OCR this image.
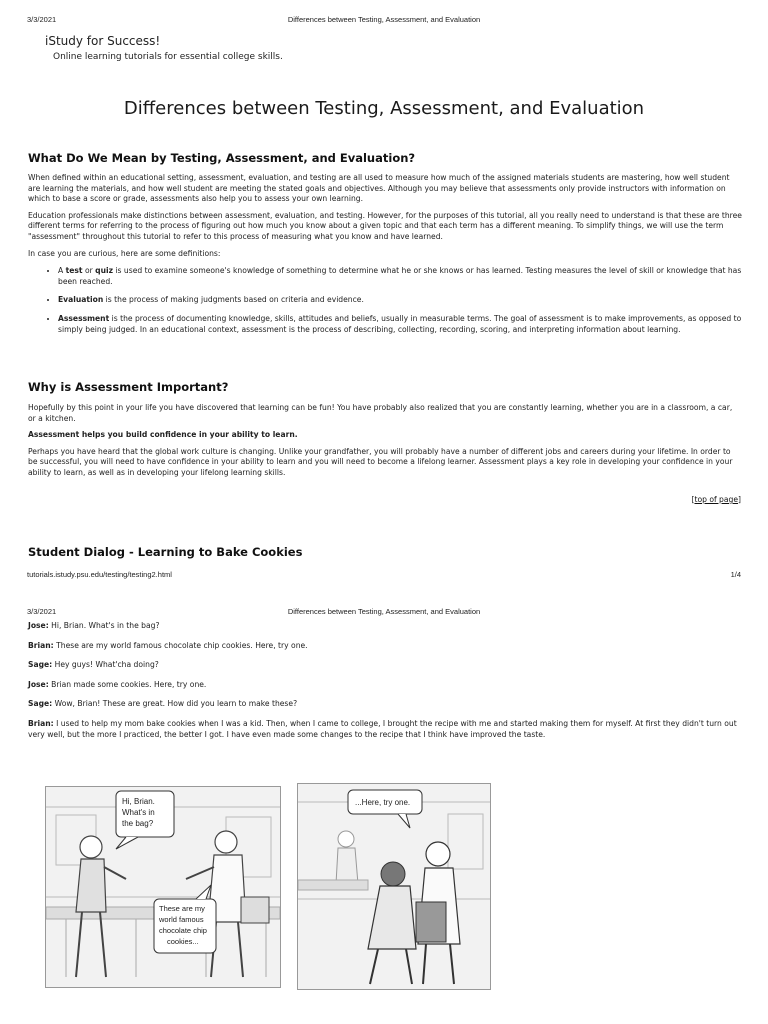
3/3/2021	Differences between Testing, Assessment, and Evaluation
iStudy for Success!
Online learning tutorials for essential college skills.
Differences between Testing, Assessment, and Evaluation
What Do We Mean by Testing, Assessment, and Evaluation?

When defined within an educational setting, assessment, evaluation, and testing are all used to measure how much of the assigned materials students are mastering, how well student are learning the materials, and how well student are meeting the stated goals and objectives. Although you may believe that assessments only provide instructors with information on which to base a score or grade, assessments also help you to assess your own learning.

Education professionals make distinctions between assessment, evaluation, and testing. However, for the purposes of this tutorial, all you really need to understand is that these are three different terms for referring to the process of figuring out how much you know about a given topic and that each term has a different meaning. To simplify things, we will use the term "assessment" throughout this tutorial to refer to this process of measuring what you know and have learned.

In case you are curious, here are some definitions:

• A test or quiz is used to examine someone's knowledge of something to determine what he or she knows or has learned. Testing measures the level of skill or knowledge that has been reached.
• Evaluation is the process of making judgments based on criteria and evidence.
• Assessment is the process of documenting knowledge, skills, attitudes and beliefs, usually in measurable terms. The goal of assessment is to make improvements, as opposed to simply being judged. In an educational context, assessment is the process of describing, collecting, recording, scoring, and interpreting information about learning.
Why is Assessment Important?

Hopefully by this point in your life you have discovered that learning can be fun! You have probably also realized that you are constantly learning, whether you are in a classroom, a car, or a kitchen.

Assessment helps you build confidence in your ability to learn.

Perhaps you have heard that the global work culture is changing. Unlike your grandfather, you will probably have a number of different jobs and careers during your lifetime. In order to be successful, you will need to have confidence in your ability to learn and you will need to become a lifelong learner. Assessment plays a key role in developing your confidence in your ability to learn, as well as in developing your lifelong learning skills.

[top of page]
Student Dialog - Learning to Bake Cookies
tutorials.istudy.psu.edu/testing/testing2.html	1/4
3/3/2021	Differences between Testing, Assessment, and Evaluation

Jose: Hi, Brian. What's in the bag?

Brian: These are my world famous chocolate chip cookies. Here, try one.

Sage: Hey guys! What'cha doing?

Jose: Brian made some cookies. Here, try one.

Sage: Wow, Brian! These are great. How did you learn to make these?

Brian: I used to help my mom bake cookies when I was a kid. Then, when I came to college, I brought the recipe with me and started making them for myself. At first they didn't turn out very well, but the more I practiced, the better I got. I have even made some changes to the recipe that I think have improved the taste.

Hi, Brian.
What's in
the bag?
These are my
world famous
chocolate chip
cookies...
...Here, try one.
